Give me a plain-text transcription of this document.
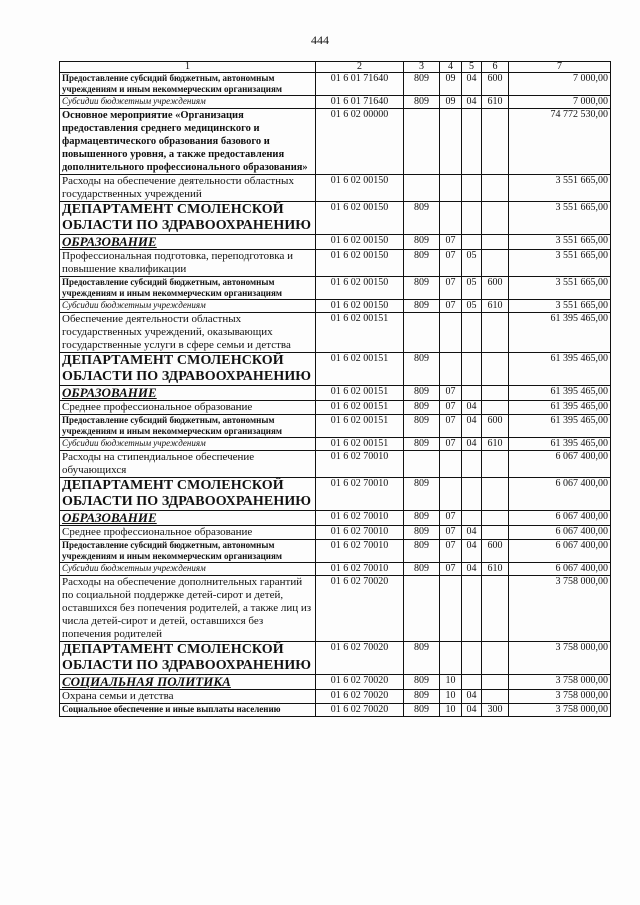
444
1	2	3	4	5	6	7
Предоставление субсидий бюджетным, автономным учреждениям и иным некоммерческим организациям	01 6 01 71640	809	09	04	600	7 000,00
Субсидии бюджетным учреждениям	01 6 01 71640	809	09	04	610	7 000,00
Основное мероприятие «Организация предоставления среднего медицинского и фармацевтического образования базового и повышенного уровня, а также предоставления дополнительного профессионального образования»	01 6 02 00000					74 772 530,00
Расходы на обеспечение деятельности областных государственных учреждений	01 6 02 00150					3 551 665,00
ДЕПАРТАМЕНТ СМОЛЕНСКОЙ ОБЛАСТИ ПО ЗДРАВООХРАНЕНИЮ	01 6 02 00150	809				3 551 665,00
ОБРАЗОВАНИЕ	01 6 02 00150	809	07			3 551 665,00
Профессиональная подготовка, переподготовка и повышение квалификации	01 6 02 00150	809	07	05		3 551 665,00
Предоставление субсидий бюджетным, автономным учреждениям и иным некоммерческим организациям	01 6 02 00150	809	07	05	600	3 551 665,00
Субсидии бюджетным учреждениям	01 6 02 00150	809	07	05	610	3 551 665,00
Обеспечение деятельности областных государственных учреждений, оказывающих государственные услуги в сфере семьи и детства	01 6 02 00151					61 395 465,00
ДЕПАРТАМЕНТ СМОЛЕНСКОЙ ОБЛАСТИ ПО ЗДРАВООХРАНЕНИЮ	01 6 02 00151	809				61 395 465,00
ОБРАЗОВАНИЕ	01 6 02 00151	809	07			61 395 465,00
Среднее профессиональное образование	01 6 02 00151	809	07	04		61 395 465,00
Предоставление субсидий бюджетным, автономным учреждениям и иным некоммерческим организациям	01 6 02 00151	809	07	04	600	61 395 465,00
Субсидии бюджетным учреждениям	01 6 02 00151	809	07	04	610	61 395 465,00
Расходы на стипендиальное обеспечение обучающихся	01 6 02 70010					6 067 400,00
ДЕПАРТАМЕНТ СМОЛЕНСКОЙ ОБЛАСТИ ПО ЗДРАВООХРАНЕНИЮ	01 6 02 70010	809				6 067 400,00
ОБРАЗОВАНИЕ	01 6 02 70010	809	07			6 067 400,00
Среднее профессиональное образование	01 6 02 70010	809	07	04		6 067 400,00
Предоставление субсидий бюджетным, автономным учреждениям и иным некоммерческим организациям	01 6 02 70010	809	07	04	600	6 067 400,00
Субсидии бюджетным учреждениям	01 6 02 70010	809	07	04	610	6 067 400,00
Расходы на обеспечение дополнительных гарантий по социальной поддержке детей-сирот и детей, оставшихся без попечения родителей, а также лиц из числа детей-сирот и детей, оставшихся без попечения родителей	01 6 02 70020					3 758 000,00
ДЕПАРТАМЕНТ СМОЛЕНСКОЙ ОБЛАСТИ ПО ЗДРАВООХРАНЕНИЮ	01 6 02 70020	809				3 758 000,00
СОЦИАЛЬНАЯ ПОЛИТИКА	01 6 02 70020	809	10			3 758 000,00
Охрана семьи и детства	01 6 02 70020	809	10	04		3 758 000,00
Социальное обеспечение и иные выплаты населению	01 6 02 70020	809	10	04	300	3 758 000,00
